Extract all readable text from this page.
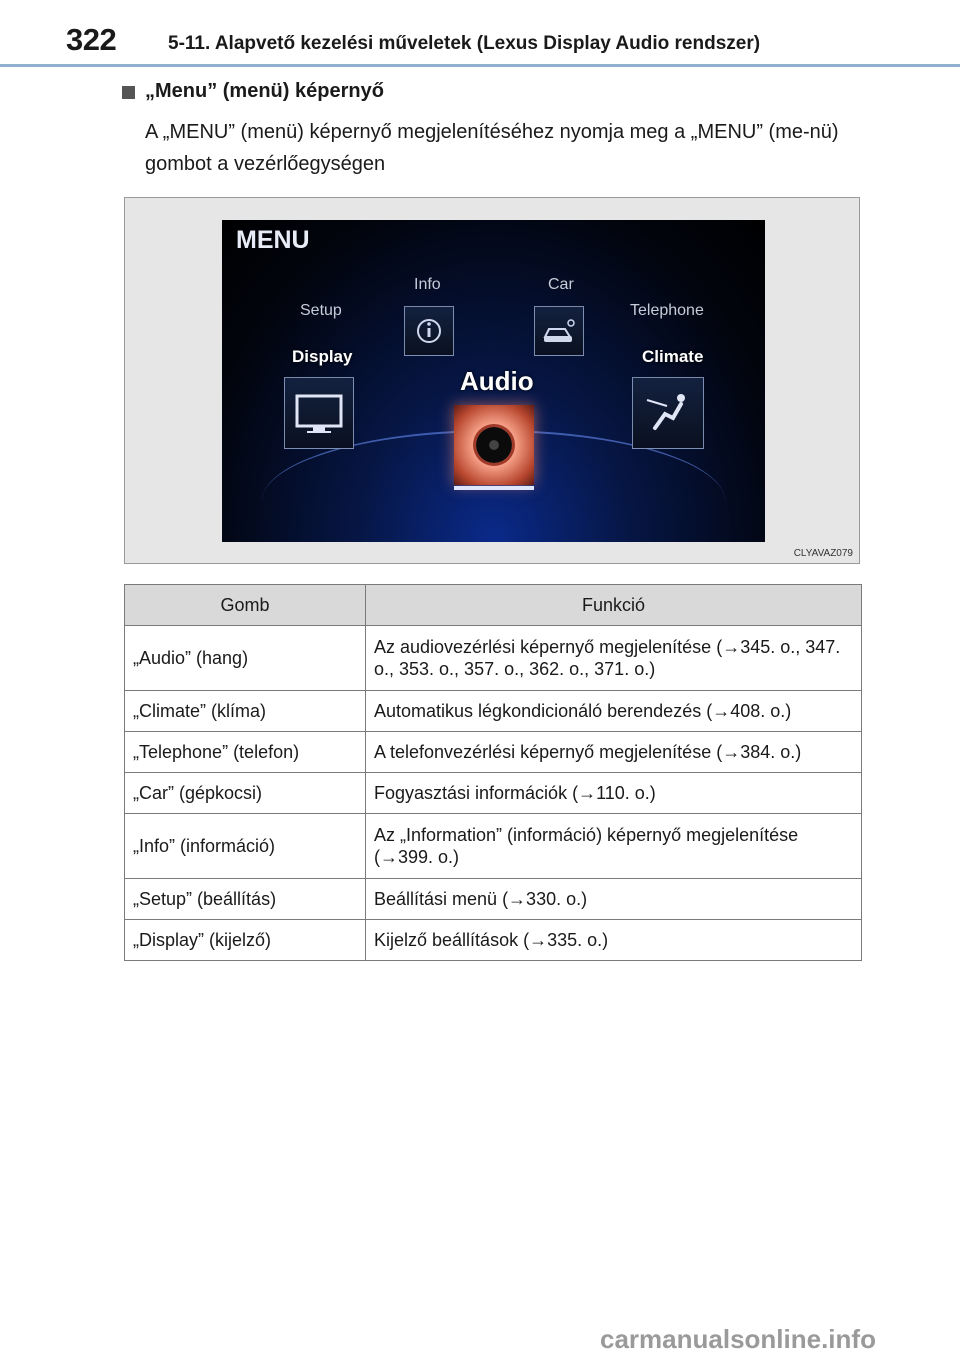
322	5-11. Alapvető kezelési műveletek (Lexus Display Audio rendszer)
„Menu” (menü) képernyő
A „MENU” (menü) képernyő megjelenítéséhez nyomja meg a „MENU” (me-nü) gombot a vezérlőegységen
MENU
Info	Car
Setup
Display
Telephone
Climate
Audio
CLYAVAZ079
Gomb	Funkció
„Audio” (hang)	Az audiovezérlési képernyő megjelenítése (→345. o., 347. o., 353. o., 357. o., 362. o., 371. o.)
„Climate” (klíma)	Automatikus légkondicionáló berendezés (→408. o.)
„Telephone” (telefon)	A telefonvezérlési képernyő megjelenítése (→384. o.)
„Car” (gépkocsi)	Fogyasztási információk (→110. o.)
„Info” (információ)	Az „Information” (információ) képernyő megjelenítése (→399. o.)
„Setup” (beállítás)	Beállítási menü (→330. o.)
„Display” (kijelző)	Kijelző beállítások (→335. o.)
carmanualsonline.info
